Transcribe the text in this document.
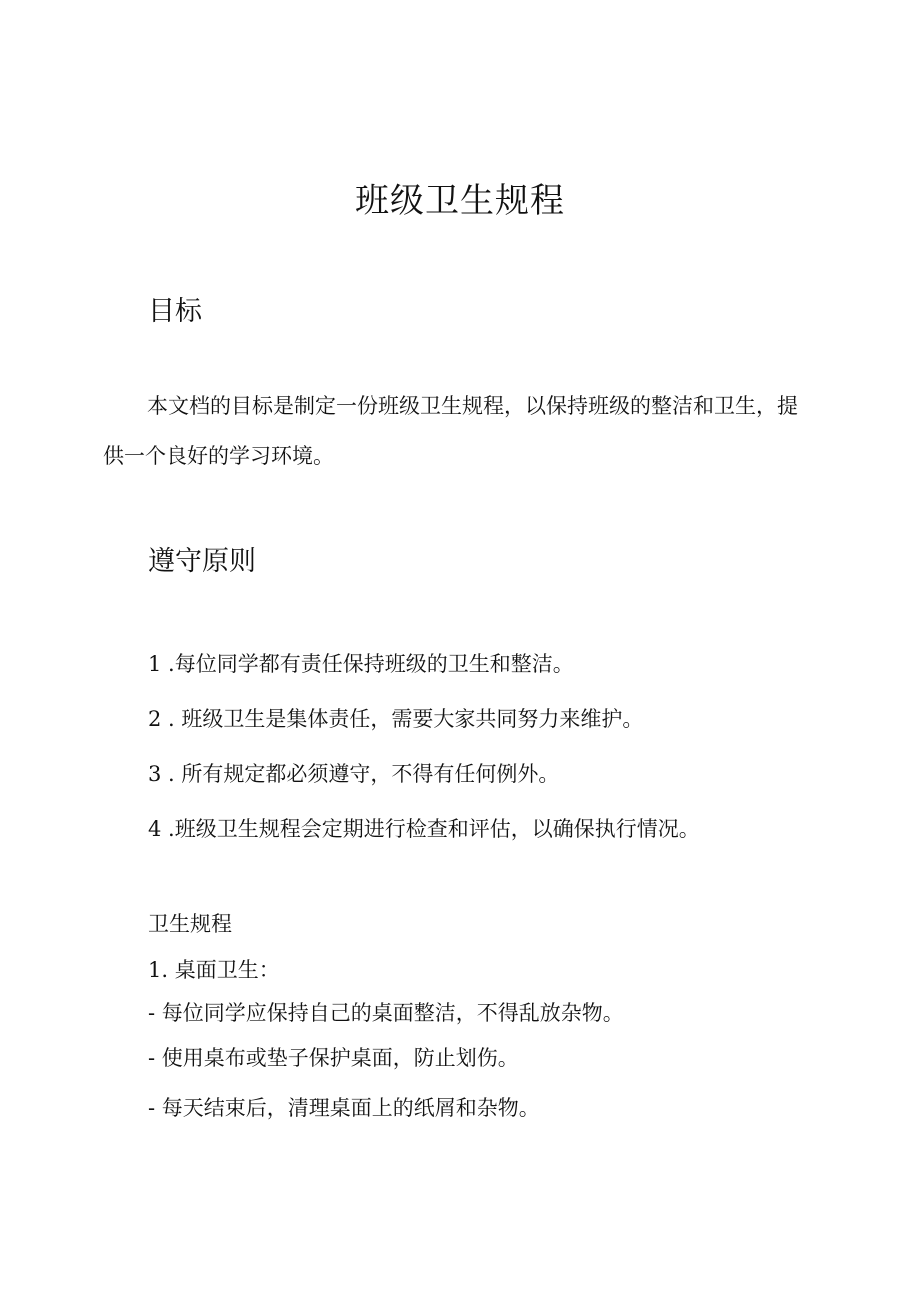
班级卫生规程
目标

本文档的目标是制定一份班级卫生规程，以保持班级的整洁和卫生，提供一个良好的学习环境。

遵守原则
1 .每位同学都有责任保持班级的卫生和整洁。
2 . 班级卫生是集体责任，需要大家共同努力来维护。
3 . 所有规定都必须遵守，不得有任何例外。
4 .班级卫生规程会定期进行检查和评估，以确保执行情况。
卫生规程
1. 桌面卫生：
- 每位同学应保持自己的桌面整洁，不得乱放杂物。
- 使用桌布或垫子保护桌面，防止划伤。
- 每天结束后，清理桌面上的纸屑和杂物。
